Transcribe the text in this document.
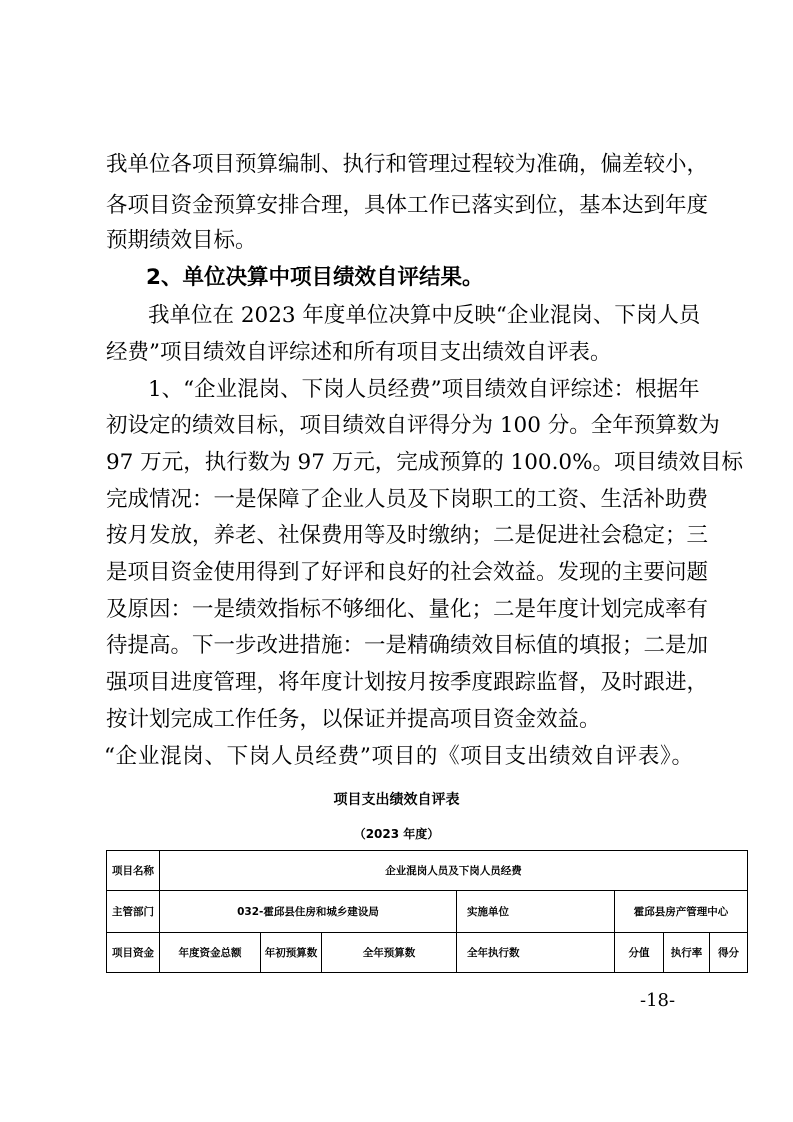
我单位各项目预算编制、执行和管理过程较为准确，偏差较小，
各项目资金预算安排合理，具体工作已落实到位，基本达到年度
预期绩效目标。
2、单位决算中项目绩效自评结果。
我单位在 2023 年度单位决算中反映“企业混岗、下岗人员
经费”项目绩效自评综述和所有项目支出绩效自评表。
1、“企业混岗、下岗人员经费”项目绩效自评综述：根据年
初设定的绩效目标，项目绩效自评得分为 100 分。全年预算数为
97 万元，执行数为 97 万元，完成预算的 100.0%。项目绩效目标
完成情况：一是保障了企业人员及下岗职工的工资、生活补助费
按月发放，养老、社保费用等及时缴纳；二是促进社会稳定；三
是项目资金使用得到了好评和良好的社会效益。发现的主要问题
及原因：一是绩效指标不够细化、量化；二是年度计划完成率有
待提高。下一步改进措施：一是精确绩效目标值的填报；二是加
强项目进度管理，将年度计划按月按季度跟踪监督，及时跟进，
按计划完成工作任务，以保证并提高项目资金效益。
“企业混岗、下岗人员经费”项目的《项目支出绩效自评表》。
项目支出绩效自评表
（2023 年度）
项目名称	企业混岗人员及下岗人员经费						
主管部门	032-霍邱县住房和城乡建设局			实施单位	霍邱县房产管理中心		
项目资金	年度资金总额	年初预算数	全年预算数	全年执行数	分值	执行率	得分
-18-
